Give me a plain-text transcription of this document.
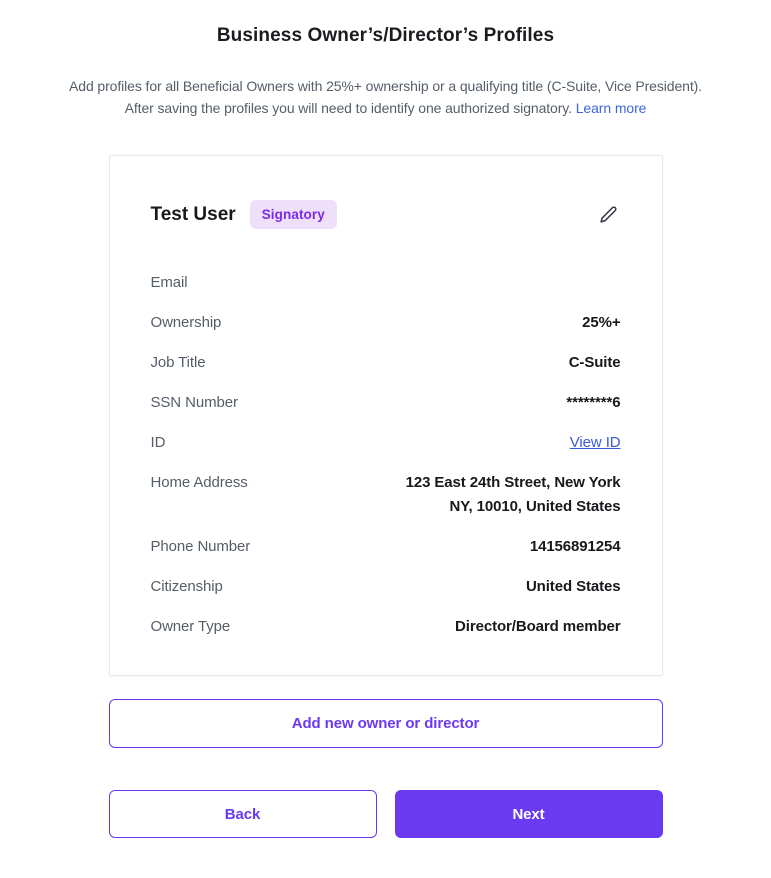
Business Owner’s/Director’s Profiles
Add profiles for all Beneficial Owners with 25%+ ownership or a qualifying title (C-Suite, Vice President).
After saving the profiles you will need to identify one authorized signatory. Learn more
Test User	Signatory
Email
Ownership	25%+
Job Title	C-Suite
SSN Number	********6
ID	View ID
Home Address	123 East 24th Street, New York
NY, 10010, United States
Phone Number	14156891254
Citizenship	United States
Owner Type	Director/Board member
Add new owner or director
Back	Next
